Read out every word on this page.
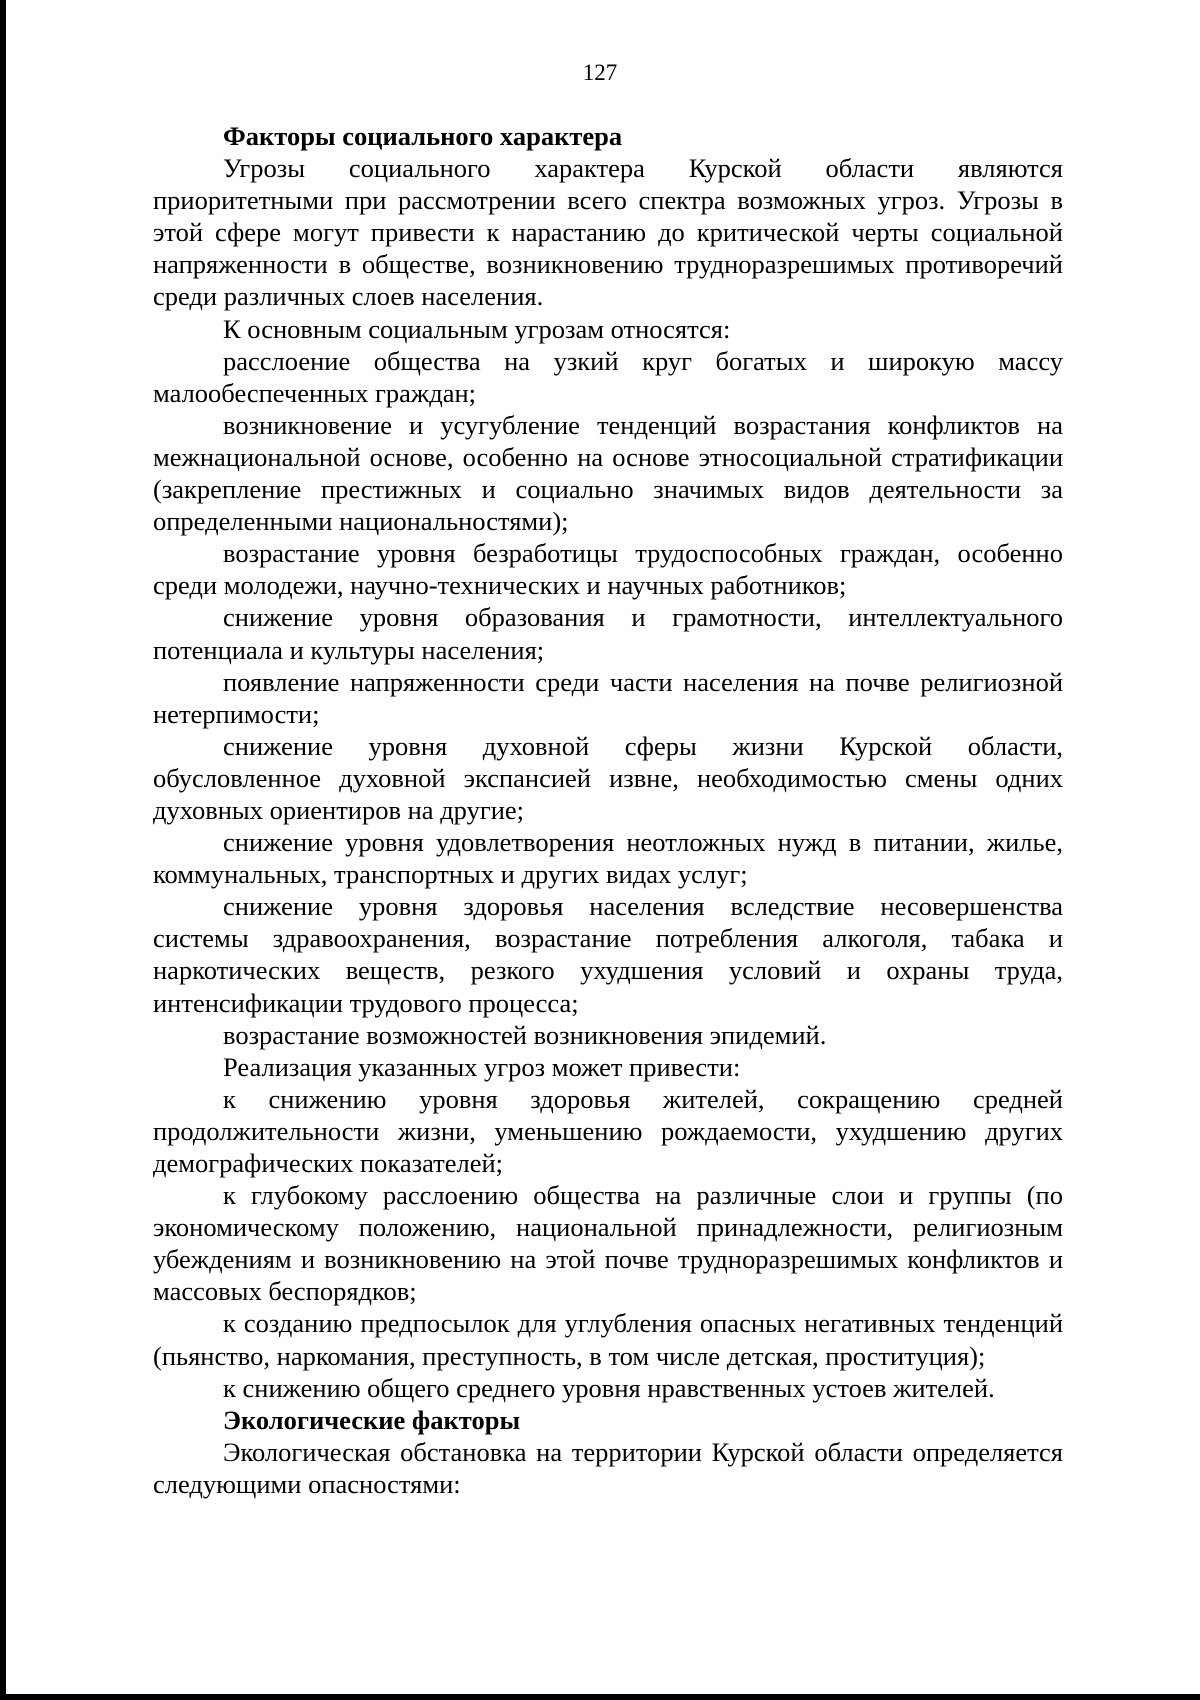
127

Факторы социального характера

Угрозы социального характера Курской области являются приоритетными при рассмотрении всего спектра возможных угроз. Угрозы в этой сфере могут привести к нарастанию до критической черты социальной напряженности в обществе, возникновению трудноразрешимых противоречий среди различных слоев населения.

К основным социальным угрозам относятся:

расслоение общества на узкий круг богатых и широкую массу малообеспеченных граждан;

возникновение и усугубление тенденций возрастания конфликтов на межнациональной основе, особенно на основе этносоциальной стратификации (закрепление престижных и социально значимых видов деятельности за определенными национальностями);

возрастание уровня безработицы трудоспособных граждан, особенно среди молодежи, научно-технических и научных работников;

снижение уровня образования и грамотности, интеллектуального потенциала и культуры населения;

появление напряженности среди части населения на почве религиозной нетерпимости;

снижение уровня духовной сферы жизни Курской области, обусловленное духовной экспансией извне, необходимостью смены одних духовных ориентиров на другие;

снижение уровня удовлетворения неотложных нужд в питании, жилье, коммунальных, транспортных и других видах услуг;

снижение уровня здоровья населения вследствие несовершенства системы здравоохранения, возрастание потребления алкоголя, табака и наркотических веществ, резкого ухудшения условий и охраны труда, интенсификации трудового процесса;

возрастание возможностей возникновения эпидемий.

Реализация указанных угроз может привести:

к снижению уровня здоровья жителей, сокращению средней продолжительности жизни, уменьшению рождаемости, ухудшению других демографических показателей;

к глубокому расслоению общества на различные слои и группы (по экономическому положению, национальной принадлежности, религиозным убеждениям и возникновению на этой почве трудноразрешимых конфликтов и массовых беспорядков;

к созданию предпосылок для углубления опасных негативных тенденций (пьянство, наркомания, преступность, в том числе детская, проституция);

к снижению общего среднего уровня нравственных устоев жителей.

Экологические факторы

Экологическая обстановка на территории Курской области определяется следующими опасностями:
